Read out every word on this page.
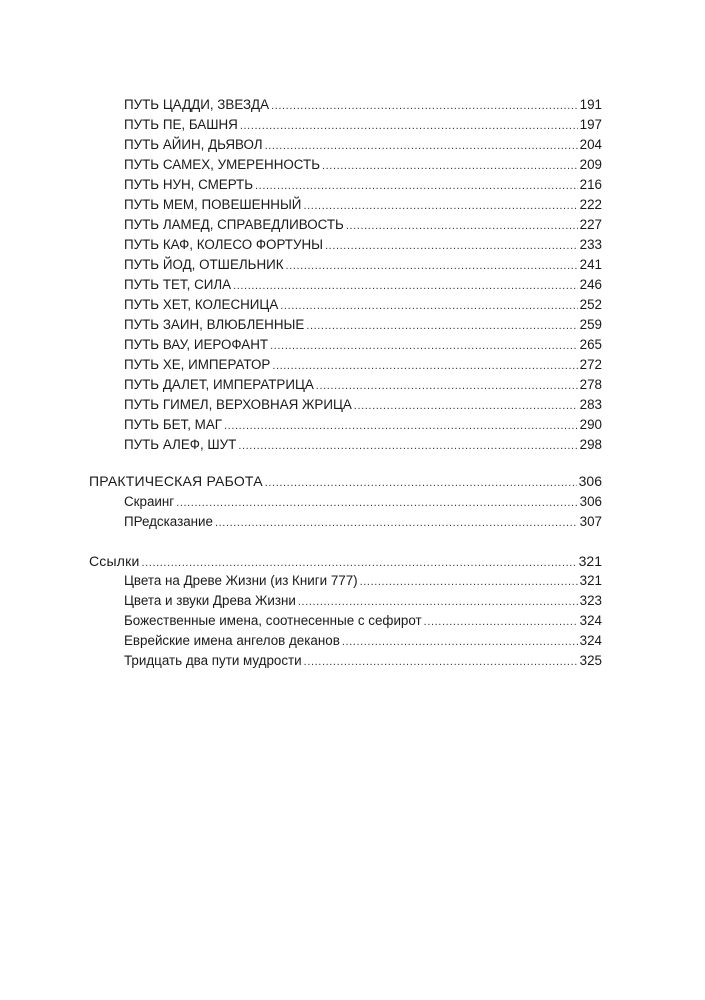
ПУТЬ ЦАДДИ, ЗВЕЗДА .....	191
ПУТЬ ПЕ, БАШНЯ .....	197
ПУТЬ АЙИН, ДЬЯВОЛ .....	204
ПУТЬ САМЕХ, УМЕРЕННОСТЬ .....	209
ПУТЬ НУН, СМЕРТЬ .....	216
ПУТЬ МЕМ, ПОВЕШЕННЫЙ .....	222
ПУТЬ ЛАМЕД, СПРАВЕДЛИВОСТЬ .....	227
ПУТЬ КАФ, КОЛЕСО ФОРТУНЫ .....	233
ПУТЬ ЙОД, ОТШЕЛЬНИК .....	241
ПУТЬ ТЕТ, СИЛА .....	246
ПУТЬ ХЕТ, КОЛЕСНИЦА .....	252
ПУТЬ ЗАИН, ВЛЮБЛЕННЫЕ .....	259
ПУТЬ ВАУ, ИЕРОФАНТ .....	265
ПУТЬ ХЕ, ИМПЕРАТОР .....	272
ПУТЬ ДАЛЕТ, ИМПЕРАТРИЦА .....	278
ПУТЬ ГИМЕЛ, ВЕРХОВНАЯ ЖРИЦА .....	283
ПУТЬ БЕТ, МАГ .....	290
ПУТЬ АЛЕФ, ШУТ .....	298
ПРАКТИЧЕСКАЯ РАБОТА .....	306
Скраинг .....	306
ПРедсказание .....	307
Ссылки .....	321
Цвета на Древе Жизни (из Книги 777) .....	321
Цвета и звуки Древа Жизни .....	323
Божественные имена, соотнесенные с сефирот .....	324
Еврейские имена ангелов деканов .....	324
Тридцать два пути мудрости .....	325
